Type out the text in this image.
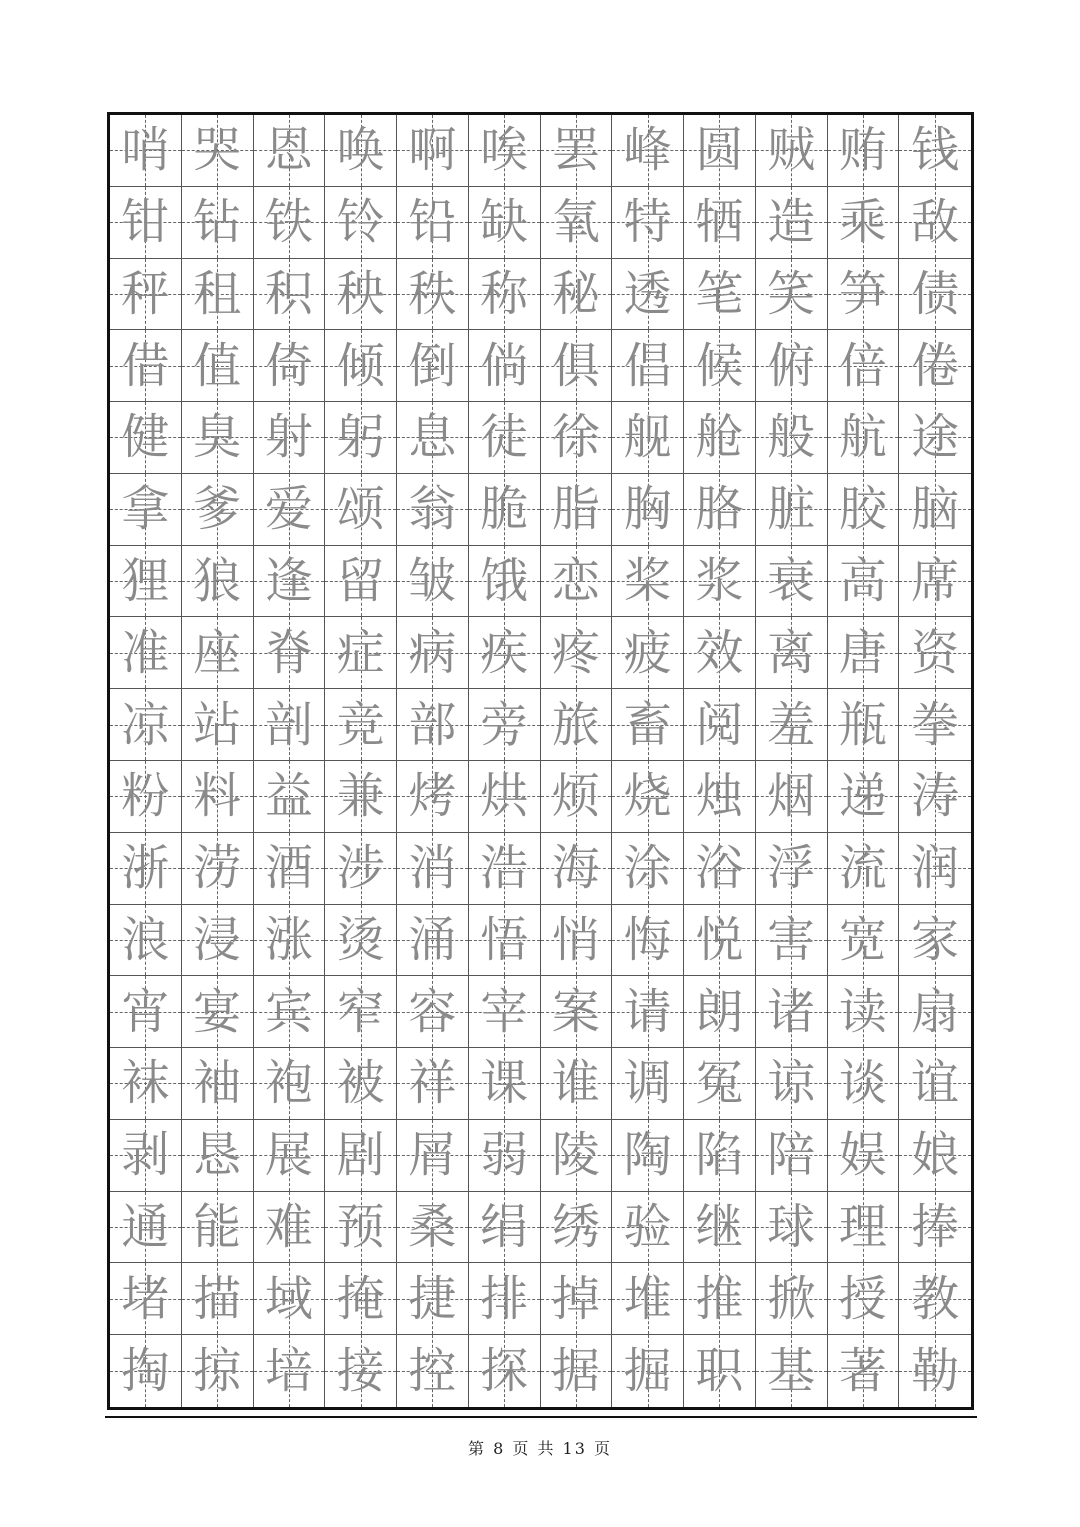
哨 哭 恩 唤 啊 唉 罢 峰 圆 贼 贿 钱
钳 钻 铁 铃 铅 缺 氧 特 牺 造 乘 敌
秤 租 积 秧 秩 称 秘 透 笔 笑 笋 债
借 值 倚 倾 倒 倘 俱 倡 候 俯 倍 倦
健 臭 射 躬 息 徒 徐 舰 舱 般 航 途
拿 爹 爱 颂 翁 脆 脂 胸 胳 脏 胶 脑
狸 狼 逢 留 皱 饿 恋 桨 浆 衰 高 席
准 座 脊 症 病 疾 疼 疲 效 离 唐 资
凉 站 剖 竞 部 旁 旅 畜 阅 羞 瓶 拳
粉 料 益 兼 烤 烘 烦 烧 烛 烟 递 涛
浙 涝 酒 涉 消 浩 海 涂 浴 浮 流 润
浪 浸 涨 烫 涌 悟 悄 悔 悦 害 宽 家
宵 宴 宾 窄 容 宰 案 请 朗 诸 读 扇
袜 袖 袍 被 祥 课 谁 调 冤 谅 谈 谊
剥 恳 展 剧 屑 弱 陵 陶 陷 陪 娱 娘
通 能 难 预 桑 绢 绣 验 继 球 理 捧
堵 描 域 掩 捷 排 掉 堆 推 掀 授 教
掏 掠 培 接 控 探 据 掘 职 基 著 勒
第 8 页 共 13 页
